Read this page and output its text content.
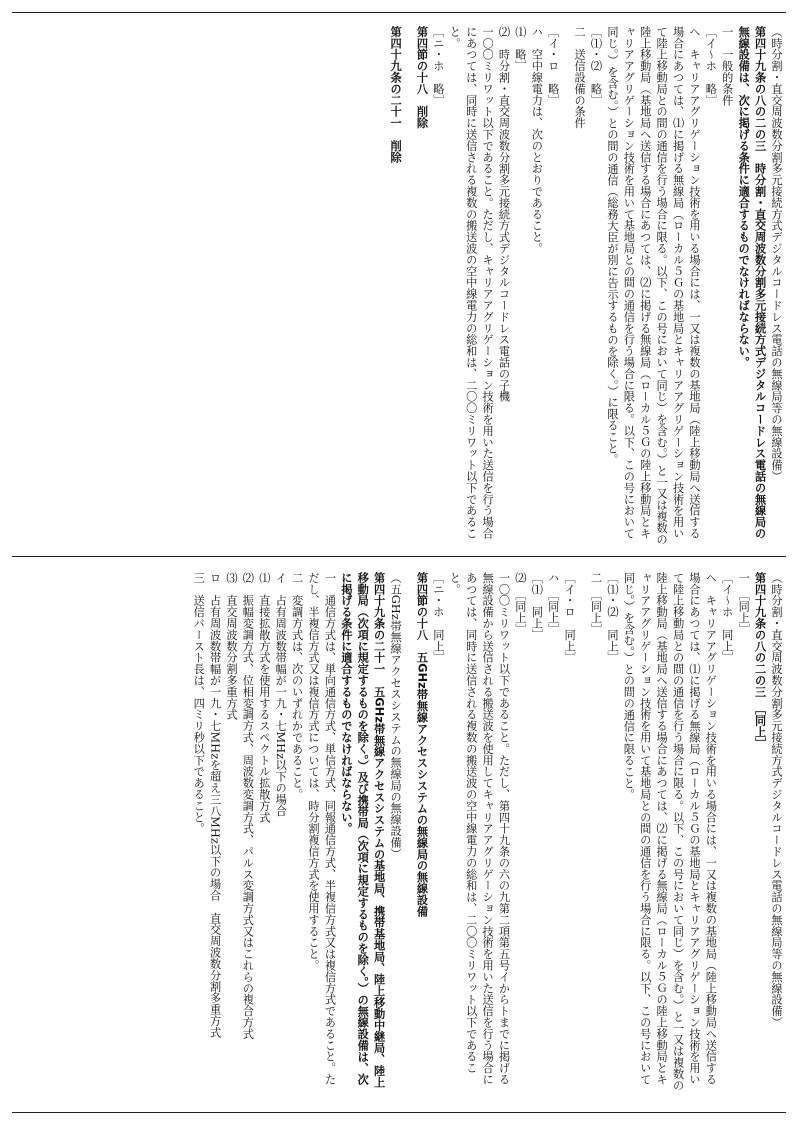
（時分割・直交周波数分割多元接続方式デジタルコードレス電話の無線局等の無線設備）

第四十九条の八の二の三　時分割・直交周波数分割多元接続方式デジタルコードレス電話の無線局の無線設備は、次に掲げる条件に適合するものでなければならない。

一　一般的条件

［イ～ホ　略］

ヘ　キャリアアグリゲーション技術を用いる場合には、一又は複数の基地局（陸上移動局へ送信する場合にあつては、⑴に掲げる無線局（ローカル５Ｇの基地局とキャリアアグリゲーション技術を用いて陸上移動局との間の通信を行う場合に限る。以下、この号において同じ）を含む。）と一又は複数の陸上移動局（基地局へ送信する場合にあつては、⑵に掲げる無線局（ローカル５Ｇの陸上移動局とキャリアアグリゲーション技術を用いて基地局との間の通信を行う場合に限る。以下、この号において同じ。）を含む。）との間の通信（総務大臣が別に告示するものを除く。）に限ること。

［⑴・⑵　略］

二　送信設備の条件

［イ・ロ　略］

ハ　空中線電力は、次のとおりであること。

⑴　略］

⑵　時分割・直交周波数分割多元接続方式デジタルコードレス電話の子機

一〇〇ミリワット以下であること。ただし、キャリアアグリゲーション技術を用いた送信を行う場合にあつては、同時に送信される複数の搬送波の空中線電力の総和は、二〇〇ミリワット以下であること。

［ニ・ホ　略］

第四節の十八　削除

第四十九条の二十一　削除

（時分割・直交周波数分割多元接続方式デジタルコードレス電話の無線局等の無線設備）

第四十九条の八の二の三　［同上］

一　［同上］

［イ～ホ　同上］

ヘ　キャリアアグリゲーション技術を用いる場合には、一又は複数の基地局（陸上移動局へ送信する場合にあつては、⑴に掲げる無線局（ローカル５Ｇの基地局とキャリアアグリゲーション技術を用いて陸上移動局との間の通信を行う場合に限る。以下、この号において同じ）を含む。）と一又は複数の陸上移動局（基地局へ送信する場合にあつては、⑵に掲げる無線局（ローカル５Ｇの陸上移動局とキャリアアグリゲーション技術を用いて基地局との間の通信を行う場合に限る。以下、この号において同じ。）を含む。）との間の通信に限ること。

［⑴・⑵　同上］

二　［同上］

［イ・ロ　同上］

ハ　［同上］

［⑴　同上］

⑵　［同上］

一〇〇ミリワット以下であること。ただし、第四十九条の六の九第二項第五号イからトまでに掲げる無線設備から送信される搬送波を使用してキャリアアグリゲーション技術を用いた送信を行う場合にあつては、同時に送信される複数の搬送波の空中線電力の総和は、二〇〇ミリワット以下であること。

［ニ・ホ　同上］

第四節の十八　五GHz帯無線アクセスシステムの無線局の無線設備

（五GHz帯無線アクセスシステムの無線局の無線設備）

第四十九条の二十一　五GHz帯無線アクセスシステムの基地局、携帯基地局、陸上移動中継局、陸上移動局（次項に規定するものを除く。）及び携帯局（次項に規定するものを除く。）の無線設備は、次に掲げる条件に適合するものでなければならない。

一　通信方式は、単向通信方式、単信方式、同報通信方式、半複信方式又は複信方式であること。ただし、半複信方式又は複信方式については、時分割複信方式を使用すること。

二　変調方式は、次のいずれかであること。

イ　占有周波数帯幅が一九・七MHz以下の場合

⑴　直接拡散方式を使用するスペクトル拡散方式

⑵　振幅変調方式、位相変調方式、周波数変調方式、パルス変調方式又はこれらの複合方式

⑶　直交周波数分割多重方式

ロ　占有周波数帯幅が一九・七MHzを超え三八MHz以下の場合　直交周波数分割多重方式

三　送信バースト長は、四ミリ秒以下であること。
